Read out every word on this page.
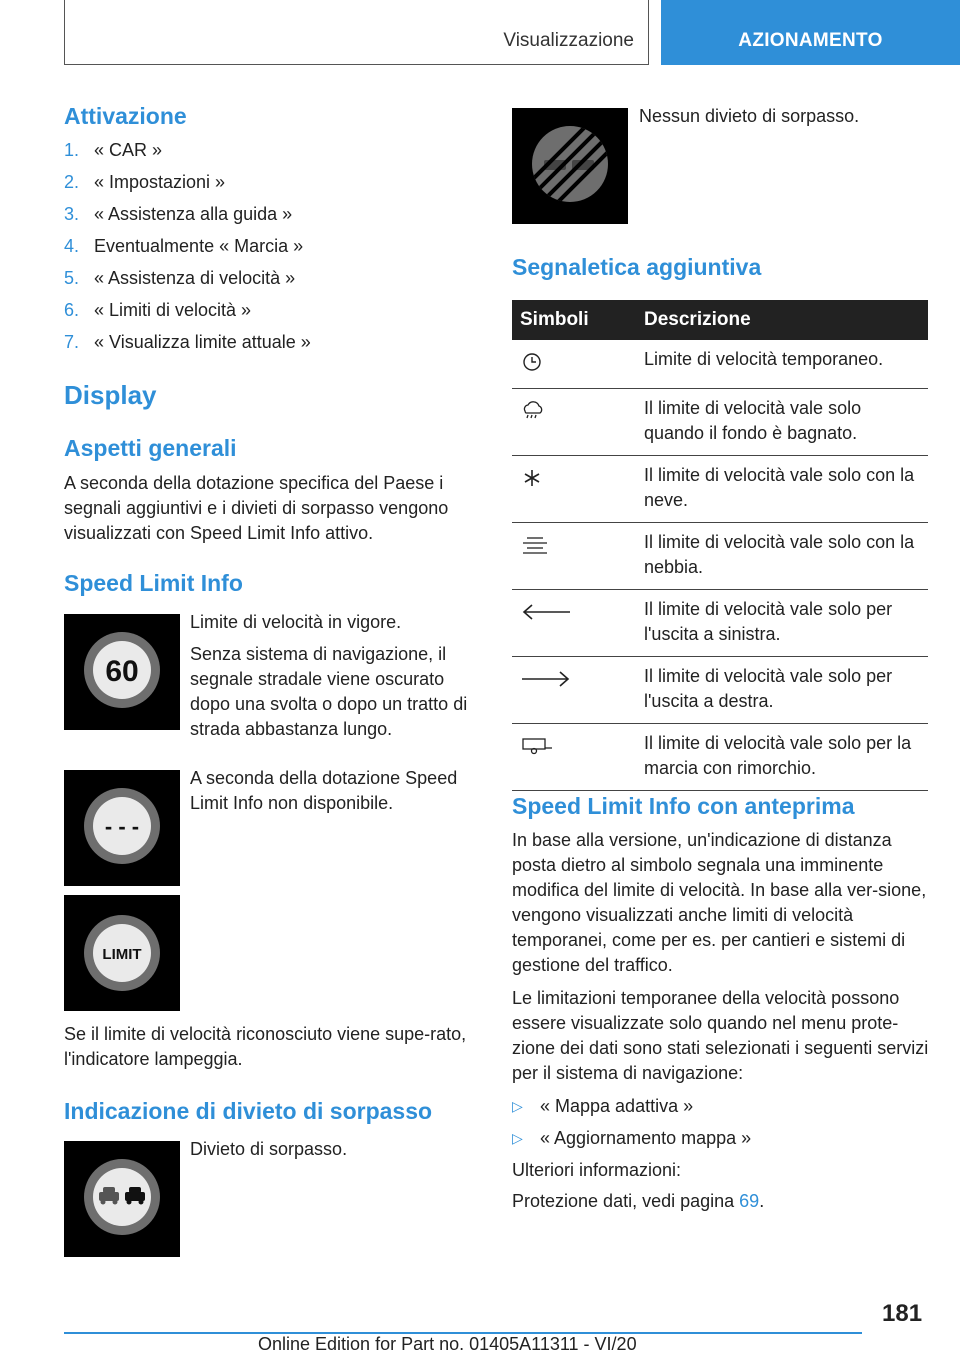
Visualizzazione	AZIONAMENTO
Attivazione
1. « CAR »
2. « Impostazioni »
3. « Assistenza alla guida »
4. Eventualmente « Marcia »
5. « Assistenza di velocità »
6. « Limiti di velocità »
7. « Visualizza limite attuale »
Display
Aspetti generali
A seconda della dotazione specifica del Paese i segnali aggiuntivi e i divieti di sorpasso vengono visualizzati con Speed Limit Info attivo.
Speed Limit Info
60
Limite di velocità in vigore.
Senza sistema di navigazione, il segnale stradale viene oscurato dopo una svolta o dopo un tratto di strada abbastanza lungo.
- - -
A seconda della dotazione Speed Limit Info non disponibile.
LIMIT
Se il limite di velocità riconosciuto viene supe-rato, l'indicatore lampeggia.
Indicazione di divieto di sorpasso
Divieto di sorpasso.
Nessun divieto di sorpasso.
Segnaletica aggiuntiva
Simboli	Descrizione
	Limite di velocità temporaneo.
	Il limite di velocità vale solo quando il fondo è bagnato.
	Il limite di velocità vale solo con la neve.
	Il limite di velocità vale solo con la nebbia.
	Il limite di velocità vale solo per l'uscita a sinistra.
	Il limite di velocità vale solo per l'uscita a destra.
	Il limite di velocità vale solo per la marcia con rimorchio.
Speed Limit Info con anteprima
In base alla versione, un'indicazione di distanza posta dietro al simbolo segnala una imminente modifica del limite di velocità. In base alla ver-sione, vengono visualizzati anche limiti di velocità temporanei, come per es. per cantieri e sistemi di gestione del traffico.
Le limitazioni temporanee della velocità possono essere visualizzate solo quando nel menu prote-zione dei dati sono stati selezionati i seguenti servizi per il sistema di navigazione:
▷ « Mappa adattiva »
▷ « Aggiornamento mappa »
Ulteriori informazioni:
Protezione dati, vedi pagina 69.
181
Online Edition for Part no. 01405A11311 - VI/20
